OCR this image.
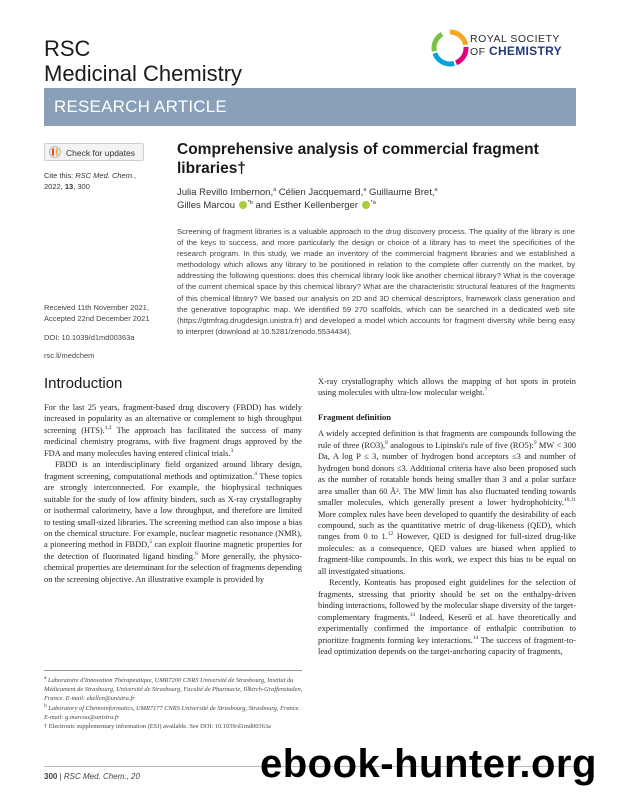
RSC
Medicinal Chemistry
ROYAL SOCIETY
OF CHEMISTRY
RESEARCH ARTICLE
Check for updates
Cite this: RSC Med. Chem., 2022, 13, 300
Comprehensive analysis of commercial fragment libraries†
Julia Revillo Imbernon,$^a$ Célien Jacquemard,$^a$ Guillaume Bret,$^a$
Gilles Marcou $^{*b}$ and Esther Kellenberger $^{*a}$
Screening of fragment libraries is a valuable approach to the drug discovery process. The quality of the library is one of the keys to success, and more particularly the design or choice of a library has to meet the specificities of the research program. In this study, we made an inventory of the commercial fragment libraries and we established a methodology which allows any library to be positioned in relation to the complete offer currently on the market, by addressing the following questions: does this chemical library look like another chemical library? What is the coverage of the current chemical space by this chemical library? What are the characteristic structural features of the fragments of this chemical library? We based our analysis on 2D and 3D chemical descriptors, framework class generation and the generative topographic map. We identified 59 270 scaffolds, which can be searched in a dedicated web site (https://gtmfrag.drugdesign.unistra.fr) and developed a model which accounts for fragment diversity while being easy to interpret (download at 10.5281/zenodo.5534434).
Received 11th November 2021,
Accepted 22nd December 2021
DOI: 10.1039/d1md00363a
rsc.li/medchem
Introduction

For the last 25 years, fragment-based drug discovery (FBDD) has widely increased in popularity as an alternative or complement to high throughput screening (HTS).$^{1,2}$ The approach has facilitated the success of many medicinal chemistry programs, with five fragment drugs approved by the FDA and many molecules having entered clinical trials.$^3$

FBDD is an interdisciplinary field organized around library design, fragment screening, computational methods and optimization.$^4$ These topics are strongly interconnected. For example, the biophysical techniques suitable for the study of low affinity binders, such as X-ray crystallography or isothermal calorimetry, have a low throughput, and therefore are limited to testing small-sized libraries. The screening method can also impose a bias on the chemical structure. For example, nuclear magnetic resonance (NMR), a pioneering method in FBDD,$^5$ can exploit fluorine magnetic properties for the detection of fluorinated ligand binding.$^6$ More generally, the physico-chemical properties are determinant for the selection of fragments depending on the screening objective. An illustrative example is provided by

X-ray crystallography which allows the mapping of hot spots in protein using molecules with ultra-low molecular weight.$^7$

Fragment definition

A widely accepted definition is that fragments are compounds following the rule of three (RO3),$^8$ analogous to Lipinski's rule of five (RO5):$^9$ MW < 300 Da, A log P ≤ 3, number of hydrogen bond acceptors ≤3 and number of hydrogen bond donors ≤3. Additional criteria have also been proposed such as the number of rotatable bonds being smaller than 3 and a polar surface area smaller than 60 Å². The MW limit has also fluctuated tending towards smaller molecules, which generally present a lower hydrophobicity.$^{10,11}$ More complex rules have been developed to quantify the desirability of each compound, such as the quantitative metric of drug-likeness (QED), which ranges from 0 to 1.12 However, QED is designed for full-sized drug-like molecules: as a consequence, QED values are biased when applied to fragment-like compounds. In this work, we expect this bias to be equal on all investigated situations.

Recently, Konteatis has proposed eight guidelines for the selection of fragments, stressing that priority should be set on the enthalpy-driven binding interactions, followed by the molecular shape diversity of the target-complementary fragments.$^{13}$ Indeed, Keserű et al. have theoretically and experimentally confirmed the importance of enthalpic contribution to prioritize fragments forming key interactions.$^{14}$ The success of fragment-to-lead optimization depends on the target-anchoring capacity of fragments,

$^a$ Laboratoire d'Innovation Thérapeutique, UMR7200 CNRS Université de Strasbourg, Institut du Médicament de Strasbourg, Université de Strasbourg, Faculté de Pharmacie, Illkirch-Graffenstaden, France. E-mail: ekellen@unistra.fr
$^b$ Laboratory of Chemoinformatics, UMR7177 CNRS Université de Strasbourg, Strasbourg, France. E-mail: g.marcou@unistra.fr
† Electronic supplementary information (ESI) available. See DOI: 10.1039/d1md00363a
300 | RSC Med. Chem., 20	ebook-hunter.org
